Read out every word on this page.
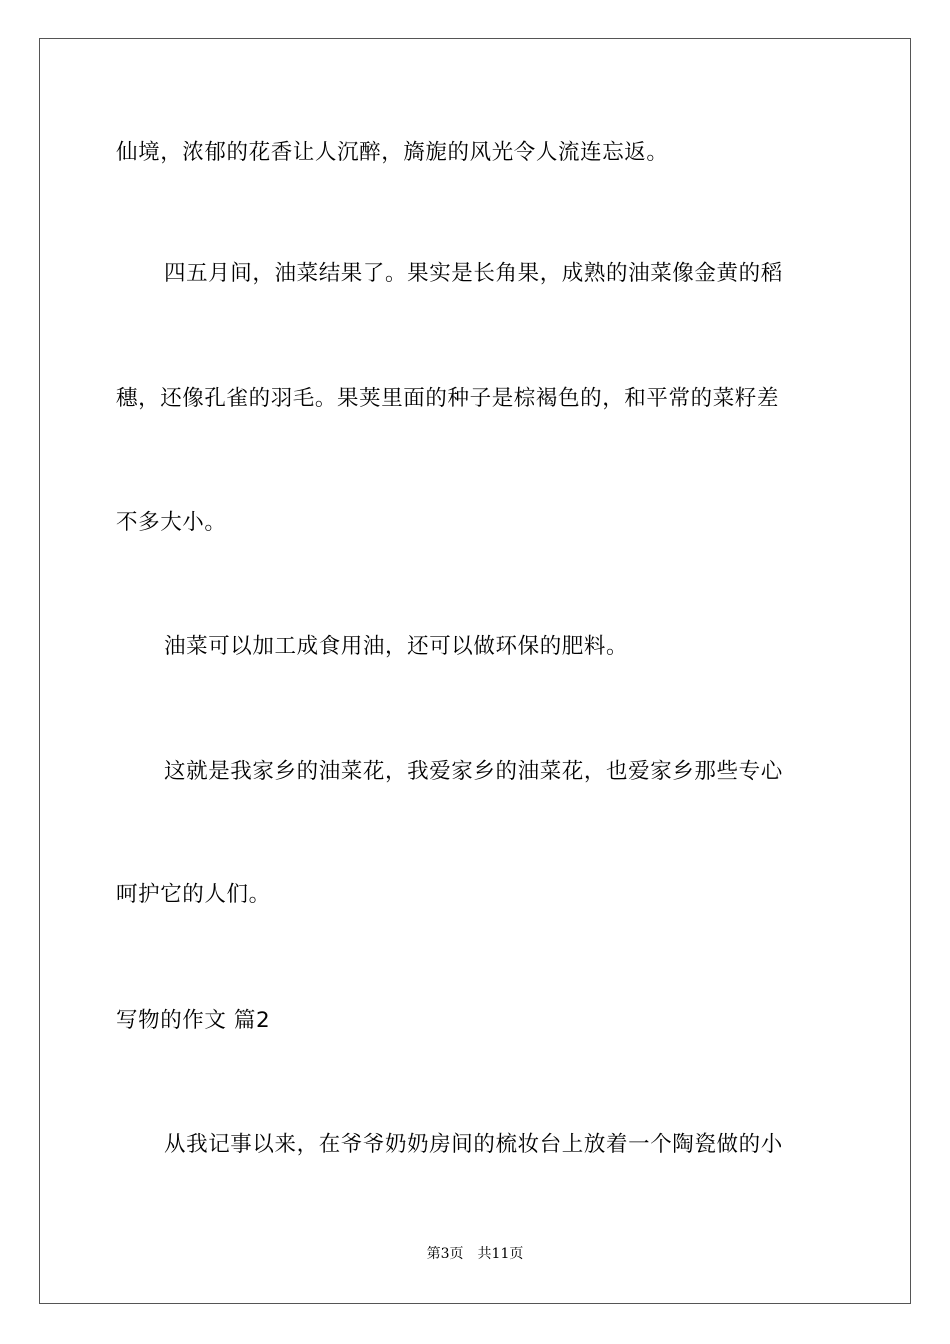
仙境，浓郁的花香让人沉醉，旖旎的风光令人流连忘返。
四五月间，油菜结果了。果实是长角果，成熟的油菜像金黄的稻
穗，还像孔雀的羽毛。果荚里面的种子是棕褐色的，和平常的菜籽差
不多大小。
油菜可以加工成食用油，还可以做环保的肥料。
这就是我家乡的油菜花，我爱家乡的油菜花，也爱家乡那些专心
呵护它的人们。
写物的作文 篇2
从我记事以来，在爷爷奶奶房间的梳妆台上放着一个陶瓷做的小
第3页 共11页
